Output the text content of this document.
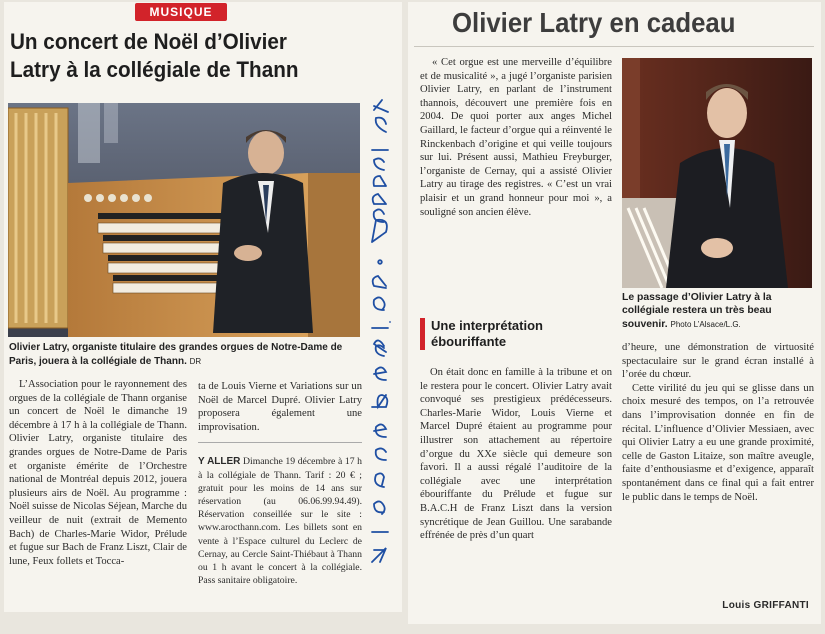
MUSIQUE
Un concert de Noël d’Olivier Latry à la collégiale de Thann
Olivier Latry, organiste titulaire des grandes orgues de Notre-Dame de Paris, jouera à la collégiale de Thann. DR

L’Association pour le rayonnement des orgues de la collégiale de Thann organise un concert de Noël le dimanche 19 décembre à 17 h à la collégiale de Thann. Olivier Latry, organiste titulaire des grandes orgues de Notre-Dame de Paris et organiste émérite de l’Orchestre national de Montréal depuis 2012, jouera plusieurs airs de Noël. Au programme : Noël suisse de Nicolas Séjean, Marche du veilleur de nuit (extrait de Memento Bach) de Charles-Marie Widor, Prélude et fugue sur Bach de Franz Liszt, Clair de lune, Feux follets et Tocca-

ta de Louis Vierne et Variations sur un Noël de Marcel Dupré. Olivier Latry proposera également une improvisation.

Y ALLER Dimanche 19 décembre à 17 h à la collégiale de Thann. Tarif : 20 € ; gratuit pour les moins de 14 ans sur réservation (au 06.06.99.94.49). Réservation conseillée sur le site : www.arocthann.com. Les billets sont en vente à l’Espace culturel du Leclerc de Cernay, au Cercle Saint-Thiébaut à Thann ou 1 h avant le concert à la collégiale. Pass sanitaire obligatoire.

Olivier Latry en cadeau

« Cet orgue est une merveille d’équilibre et de musicalité », a jugé l’organiste parisien Olivier Latry, en parlant de l’instrument thannois, découvert une première fois en 2004. De quoi porter aux anges Michel Gaillard, le facteur d’orgue qui a réinventé le Rinckenbach d’origine et qui veille toujours sur lui. Présent aussi, Mathieu Freyburger, l’organiste de Cernay, qui a assisté Olivier Latry au tirage des registres. « C’est un vrai plaisir et un grand honneur pour moi », a souligné son ancien élève.

Une interprétation ébouriffante

On était donc en famille à la tribune et on le restera pour le concert. Olivier Latry avait convoqué ses prestigieux prédécesseurs. Charles-Marie Widor, Louis Vierne et Marcel Dupré étaient au programme pour illustrer son attachement au répertoire d’orgue du XXe siècle qui demeure son favori. Il a aussi régalé l’auditoire de la collégiale avec une interprétation ébouriffante du Prélude et fugue sur B.A.C.H de Franz Liszt dans la version syncrétique de Jean Guillou. Une sarabande effrénée de près d’un quart

Le passage d’Olivier Latry à la collégiale restera un très beau souvenir. Photo L’Alsace/L.G.

d’heure, une démonstration de virtuosité spectaculaire sur le grand écran installé à l’orée du chœur.

Cette virilité du jeu qui se glisse dans un choix mesuré des tempos, on l’a retrouvée dans l’improvisation donnée en fin de récital. L’influence d’Olivier Messiaen, avec qui Olivier Latry a eu une grande proximité, celle de Gaston Litaize, son maître aveugle, faite d’enthousiasme et d’exigence, apparaît spontanément dans ce final qui a fait entrer le public dans le temps de Noël.

Louis GRIFFANTI
